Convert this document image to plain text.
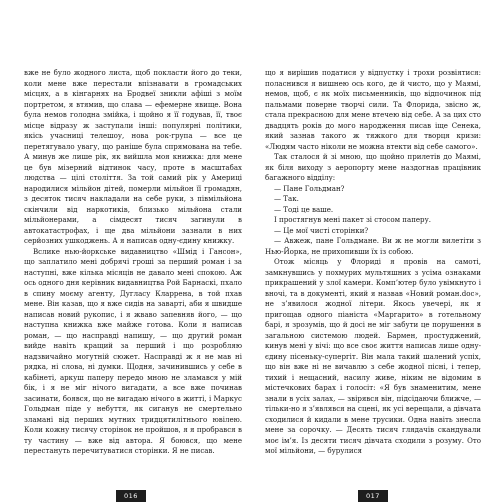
вже не було жодного листа, щоб покласти його до теки, коли мене вже перестали впізнавати в громадських місцях, а в кінгарнях на Бродвеї зникли афіші з моїм портретом, я втямив, що слава — ефемерне явище. Вона була немов голодна змійка, і щойно я її годував, її, твоє місце відразу ж заступали інші: популярні політики, якісь учасниці телешоу, нова рок-група — все це перетягувало увагу, що раніше була спрямована на тебе. А минув же лише рік, як вийшла моя книжка: для мене це був мізерний відтинок часу, проте в масштабах людства — цілі століття. За той самий рік у Америці народилися мільйон дітей, померли мільйон її громадян, з десяток тисяч накладали на себе руки, з півмільйона скінчили від наркотиків, близько мільйона стали мільйонерами, а сімдесят тисяч загинули в автокатастрофах, і ще два мільйони зазнали в них серйозних ушкоджень. А я написав одну-єдину книжку.

Вслике нью-йоркське видавництво «Шмід і Гансон», що заплатило мені добрячі гроші за перший роман і за наступні, вже кілька місяців не давало мені спокою. Аж ось одного дня керівник видавництва Рой Барнаскі, пхало в спину моєму агенту, Дугласу Кларрена, в той пхав мене. Він казав, що я вже сидів на заварті, аби я швидше написав новий рукопис, і я жваво запевняв його, — що наступна книжка вже майже готова. Коли я написав роман, — що насправді напишу, — що другий роман вийде навіть кращий за перший і що розробляю надзвичайно могутній сюжет. Насправді ж я не мав ні рядка, ні слова, ні думки. Щодня, зачинившись у себе в кабінеті, аркуш паперу передо мною не зламався у мій бік, і я не міг нічого вигадати, а все вже починав засинати, боявся, що не вигадаю нічого в житті, і Маркус Гольдман піде у небуття, як сиганув не смертельно зламані від перших мутних тридцятилітнього ювілею. Коли кожну тисячу сторінок не пройшов, я я пробрався в ту частину — вже від автора. Я боювся, що мене перестануть перечитуватися сторінки. Я не писав.

що я вирішив податися у відпустку і трохи розвіятися: поласнився я вишнею ось кого, де й чисто, що у Маямі, немов, щоб, є як моїх письменників, що відпочинок під пальмами поверне творчі сили. Та Флорида, звісно ж, стала прекрасною для мене втечею від себе. А за цих сто двадцять років до мого народження писав іще Сенека, який зазнав такого ж тяжкого для творця кризи: «Людям часто ніколи не можна втекти від себе самого».

Так сталося й зі мною, що щойно прилетів до Маямі, як біля виходу з аеропорту мене наздогнав працівник багажного відділу:

— Пане Гольдман?

— Так.

— Тоді це ваше.

І простягнув мені пакет зі стосом паперу.

— Це мої чисті сторінки?

— Авжеж, пане Гольдмане. Ви ж не могли вилетіти з Нью-Йорка, не прихопивши їх із собою.

Отож місяць у Флориді я провів на самоті, замкнувшись у похмурих мультяшних з усіма ознаками прикрашений у злої камери. Комп’ютер було увімкнуто і вночі, та в документі, який я назвав «Новий роман.doc», не з’явилося жодної літери. Якось увечері, як я пригощав одного піаніста «Маргарито» в готельному барі, я зрозумів, що й досі не міг забути це порушення в загальною системою людей. Бармен, простуджений, кинув мені у вічі: що все своє життя написав лише одну-єдину пісеньку-супергіт. Він мала такий шалений успіх, що він вже ні не вичавлю з себе жодної пісні, і тепер, тихий і нещасний, насилу живе, ніким не відомим в містечкових барах і голосіт: «Я був знаменитим, мене знали в усіх залах, — звірявся він, підсідаючи ближче, — тільки-но я з’являвся на сцені, як усі верещали, а дівчата сходилися й кидали в мене трусики. Одна навіть знесла мене за сорочку. — Десять тисяч глядачів скандували моє ім’я. Із десяти тисяч дівчата сходили з розуму. Ото мої мільйони, — бурулися

016	017
